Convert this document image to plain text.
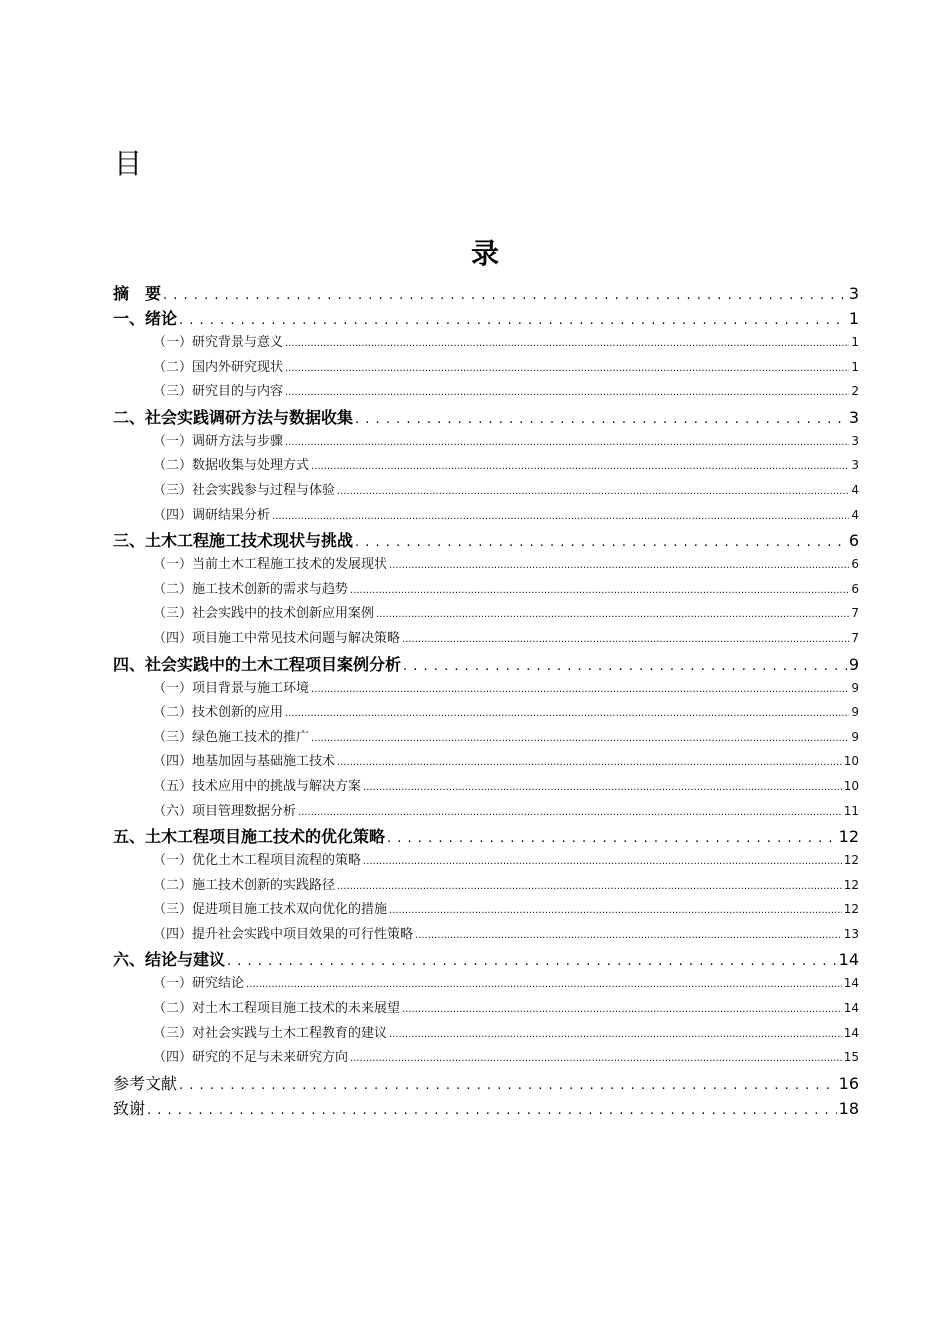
目
录
摘　要 . . .	3
一、绪论 . . .	1
（一）研究背景与意义 .....	1
（二）国内外研究现状 .....	1
（三）研究目的与内容 .....	2
二、社会实践调研方法与数据收集 . . .	3
（一）调研方法与步骤 .....	3
（二）数据收集与处理方式 .....	3
（三）社会实践参与过程与体验 .....	4
（四）调研结果分析 .....	4
三、土木工程施工技术现状与挑战 . . .	6
（一）当前土木工程施工技术的发展现状 .....	6
（二）施工技术创新的需求与趋势 .....	6
（三）社会实践中的技术创新应用案例 .....	7
（四）项目施工中常见技术问题与解决策略 .....	7
四、社会实践中的土木工程项目案例分析 . . .	9
（一）项目背景与施工环境 .....	9
（二）技术创新的应用 .....	9
（三）绿色施工技术的推广 .....	9
（四）地基加固与基础施工技术 .....	10
（五）技术应用中的挑战与解决方案 .....	10
（六）项目管理数据分析 .....	11
五、土木工程项目施工技术的优化策略 . . .	12
（一）优化土木工程项目流程的策略 .....	12
（二）施工技术创新的实践路径 .....	12
（三）促进项目施工技术双向优化的措施 .....	12
（四）提升社会实践中项目效果的可行性策略 .....	13
六、结论与建议 . . .	14
（一）研究结论 .....	14
（二）对土木工程项目施工技术的未来展望 .....	14
（三）对社会实践与土木工程教育的建议 .....	14
（四）研究的不足与未来研究方向 .....	15
参考文献 . . .	16
致谢 . . .	18
